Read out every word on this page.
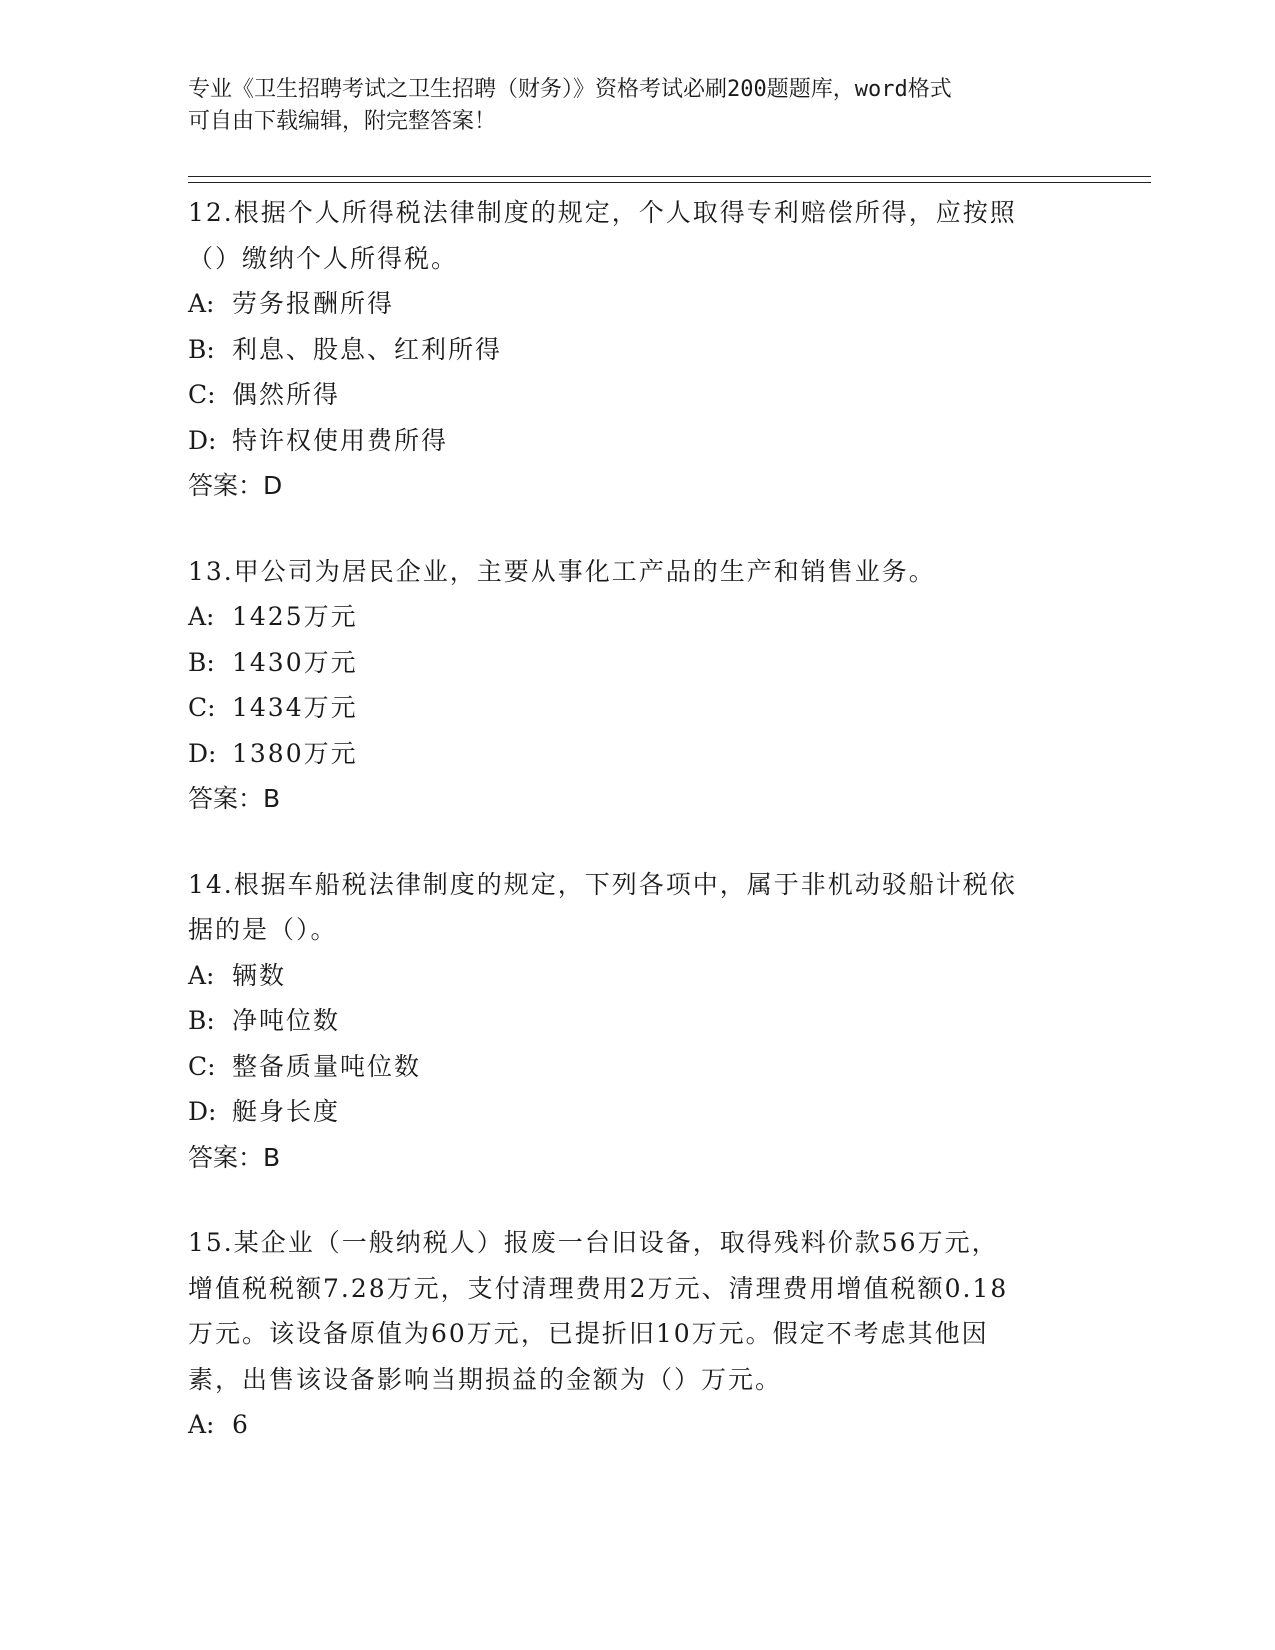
专业《卫生招聘考试之卫生招聘（财务）》资格考试必刷200题题库，word格式
可自由下载编辑，附完整答案！
12.根据个人所得税法律制度的规定，个人取得专利赔偿所得，应按照
（）缴纳个人所得税。
A: 劳务报酬所得
B: 利息、股息、红利所得
C: 偶然所得
D: 特许权使用费所得
答案：D
13.甲公司为居民企业，主要从事化工产品的生产和销售业务。
A: 1425万元
B: 1430万元
C: 1434万元
D: 1380万元
答案：B
14.根据车船税法律制度的规定，下列各项中，属于非机动驳船计税依
据的是（）。
A: 辆数
B: 净吨位数
C: 整备质量吨位数
D: 艇身长度
答案：B
15.某企业（一般纳税人）报废一台旧设备，取得残料价款56万元，
增值税税额7.28万元，支付清理费用2万元、清理费用增值税额0.18
万元。该设备原值为60万元，已提折旧10万元。假定不考虑其他因
素，出售该设备影响当期损益的金额为（）万元。
A: 6
